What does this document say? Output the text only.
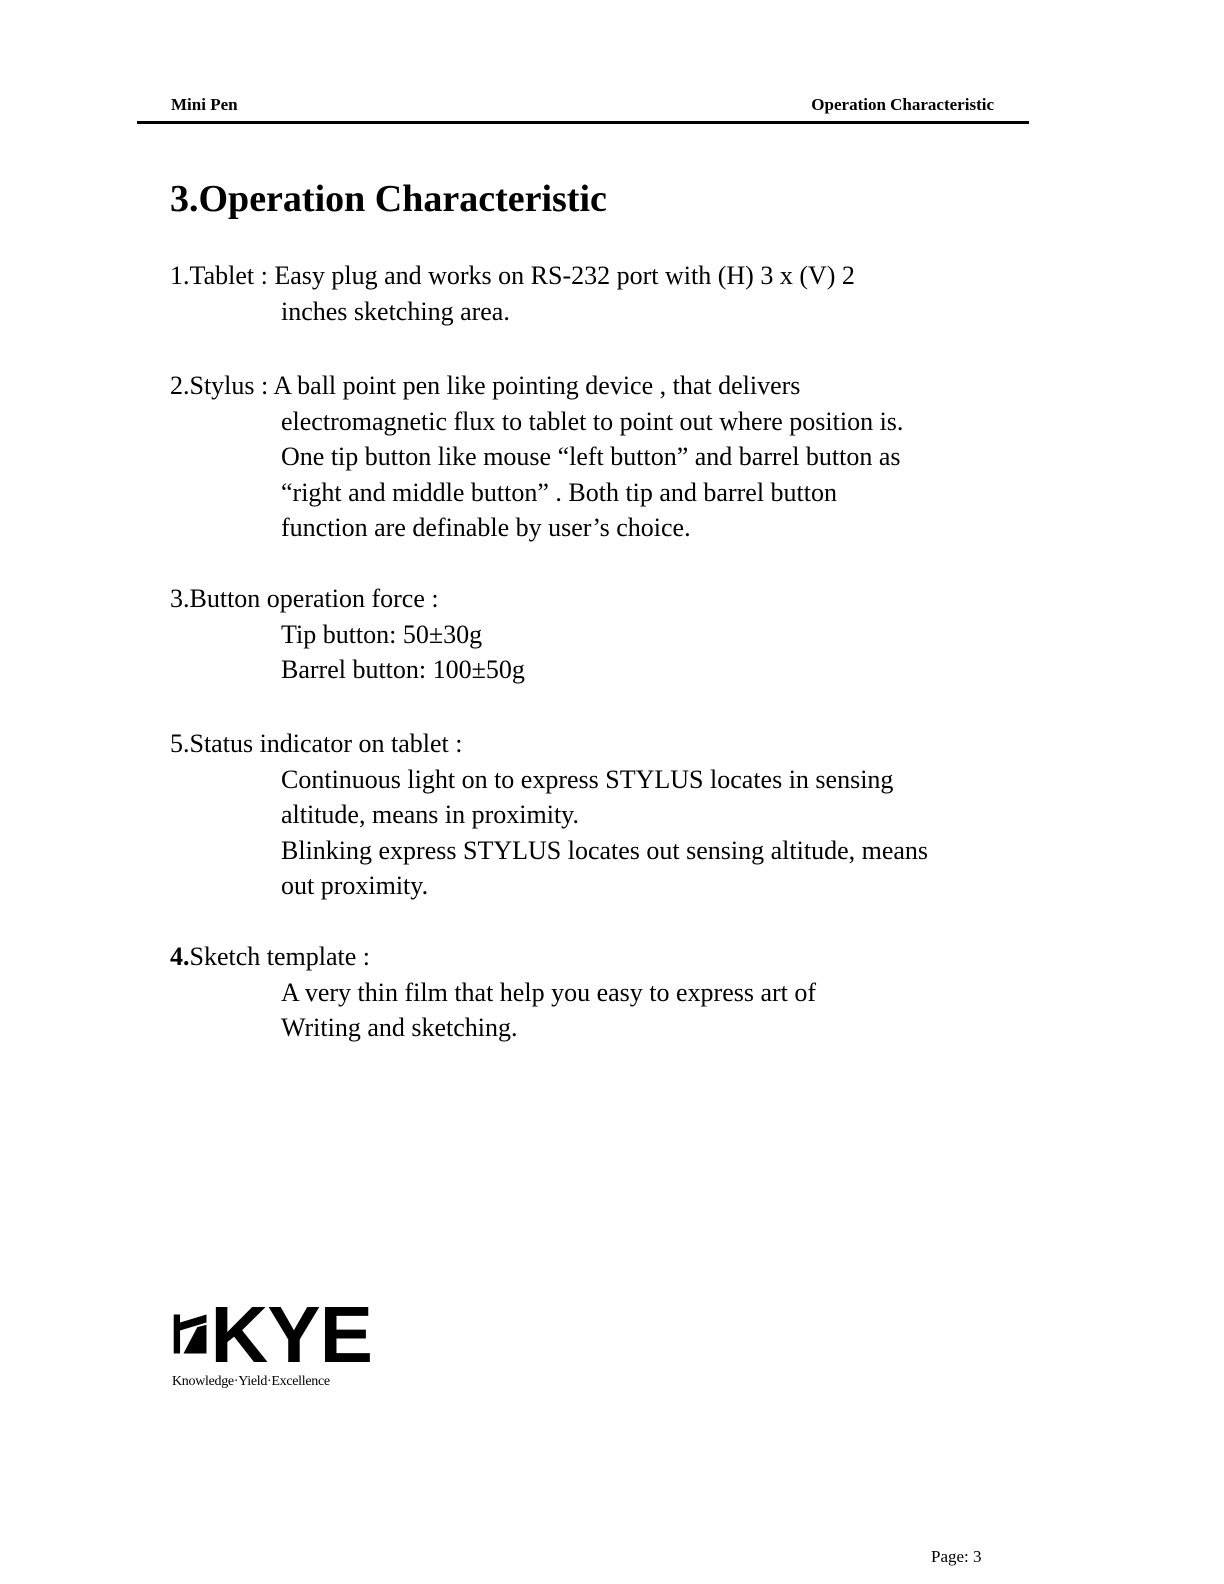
Mini Pen	Operation Characteristic
3.Operation Characteristic
1.Tablet : Easy plug and works on RS-232 port with (H) 3 x (V) 2
inches sketching area.
2.Stylus : A ball point pen like pointing device , that delivers
electromagnetic flux to tablet to point out where position is.
One tip button like mouse “left button” and barrel button as
“right and middle button” . Both tip and barrel button
function are definable by user’s choice.
3.Button operation force :
Tip button: 50±30g
Barrel button: 100±50g
5.Status indicator on tablet :
Continuous light on to express STYLUS locates in sensing
altitude, means in proximity.
Blinking express STYLUS locates out sensing altitude, means
out proximity.
4.Sketch template :
A very thin film that help you easy to express art of
Writing and sketching.
KYE
Knowledge·Yield·Excellence
Page: 3
